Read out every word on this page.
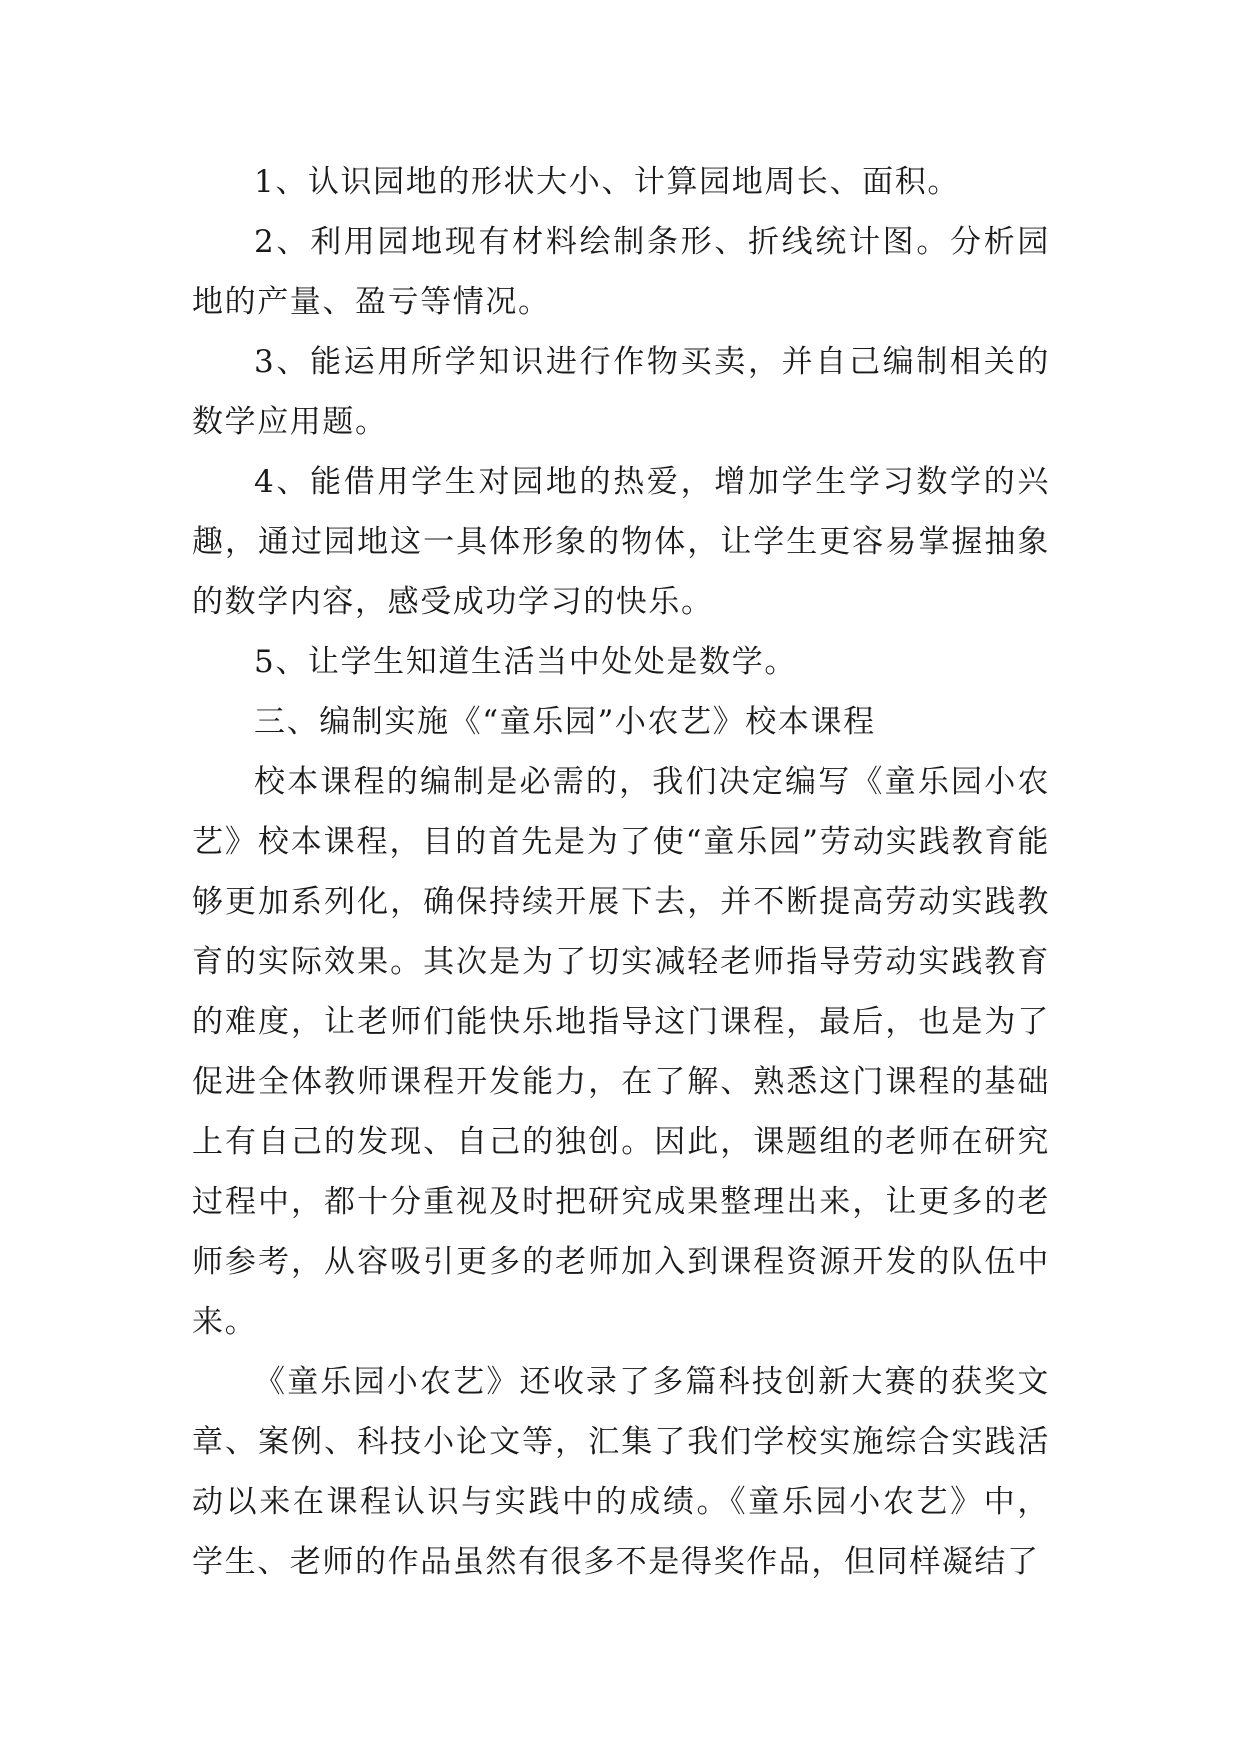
1、认识园地的形状大小、计算园地周长、面积。

2、利用园地现有材料绘制条形、折线统计图。分析园地的产量、盈亏等情况。

3、能运用所学知识进行作物买卖，并自己编制相关的数学应用题。

4、能借用学生对园地的热爱，增加学生学习数学的兴趣，通过园地这一具体形象的物体，让学生更容易掌握抽象的数学内容，感受成功学习的快乐。

5、让学生知道生活当中处处是数学。

三、编制实施《“童乐园”小农艺》校本课程

校本课程的编制是必需的，我们决定编写《童乐园小农艺》校本课程，目的首先是为了使“童乐园”劳动实践教育能够更加系列化，确保持续开展下去，并不断提高劳动实践教育的实际效果。其次是为了切实减轻老师指导劳动实践教育的难度，让老师们能快乐地指导这门课程，最后，也是为了促进全体教师课程开发能力，在了解、熟悉这门课程的基础上有自己的发现、自己的独创。因此，课题组的老师在研究过程中，都十分重视及时把研究成果整理出来，让更多的老师参考，从容吸引更多的老师加入到课程资源开发的队伍中来。

《童乐园小农艺》还收录了多篇科技创新大赛的获奖文章、案例、科技小论文等，汇集了我们学校实施综合实践活动以来在课程认识与实践中的成绩。《童乐园小农艺》中，学生、老师的作品虽然有很多不是得奖作品，但同样凝结了
